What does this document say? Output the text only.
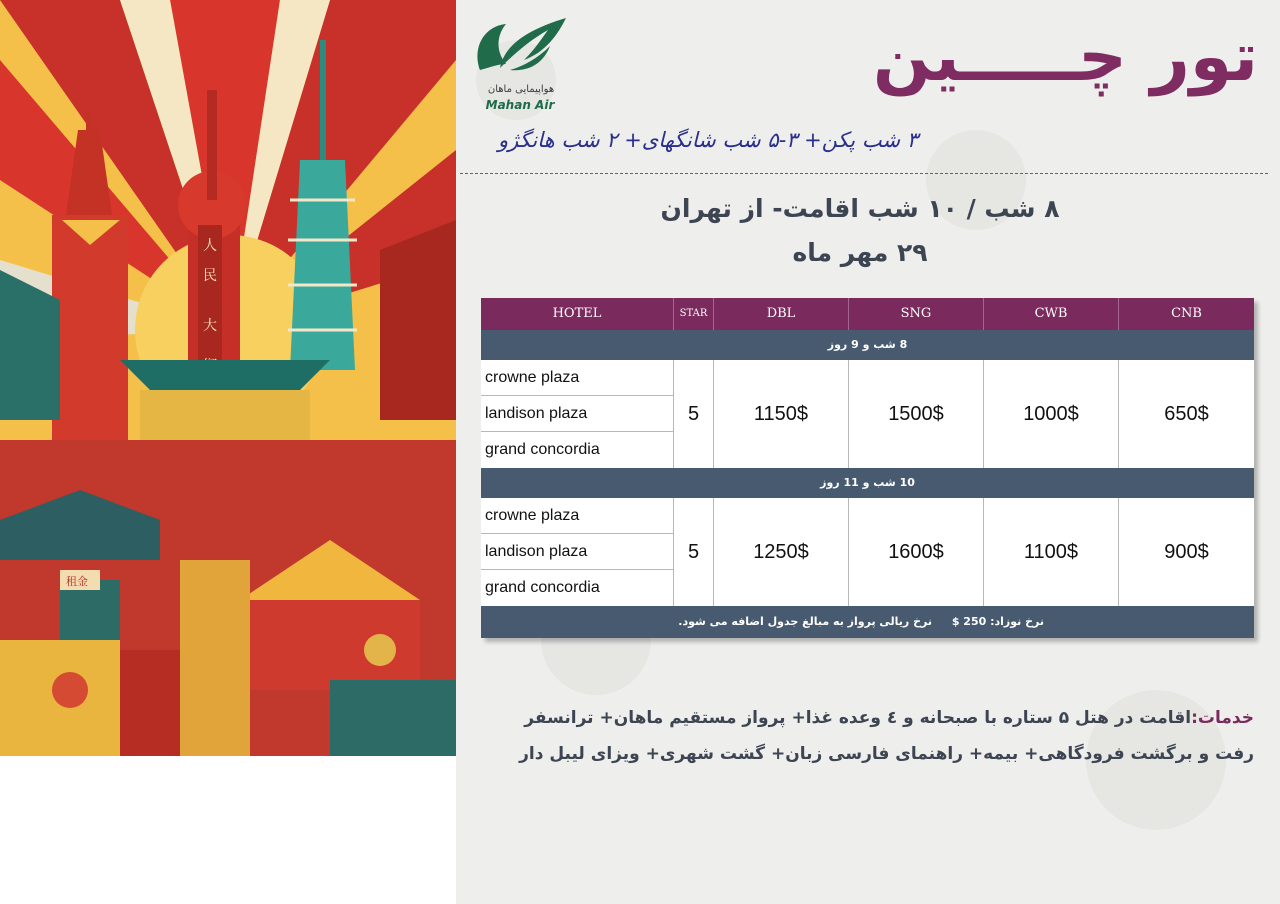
人
民
大
租金
هواپیمایی ماهان
Mahan Air
تور چـــــین
۳ شب پکن+ ۳-۵ شب شانگهای+ ۲ شب هانگژو
۸ شب / ۱۰ شب اقامت- از تهران
۲۹ مهر ماه
HOTEL	STAR	DBL	SNG	CWB	CNB
8 شب و 9 روز
crowne plaza
landison plaza
grand concordia
5	1150$	1500$	1000$	650$
10 شب و 11 روز
crowne plaza
landison plaza
grand concordia
5	1250$	1600$	1100$	900$
نرخ نوزاد: 250 $
نرخ ریالی پرواز به مبالغ جدول اضافه می شود.
خدمات:اقامت در هتل ۵ ستاره با صبحانه و ٤ وعده غذا+ پرواز مستقیم ماهان+ ترانسفر رفت و برگشت فرودگاهی+ بیمه+ راهنمای فارسی زبان+ گشت شهری+ ویزای لیبل دار
